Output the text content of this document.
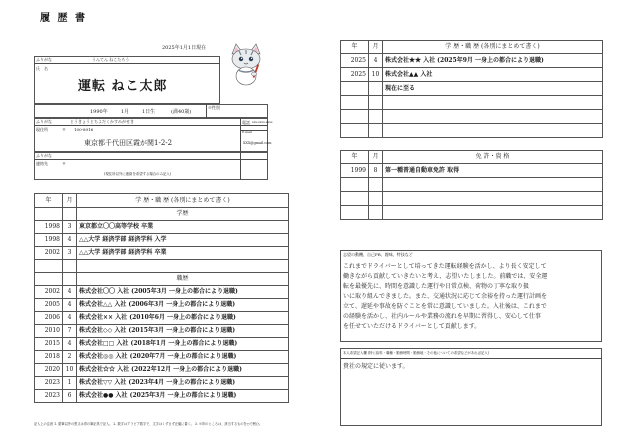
履 歴 書
2025年1月1日現在
ふりがな	うんてん ねこたろう
氏　名
運転 ねこ太郎
1990年	1月	1日生	(満40歳)
※性別
ふりがな	とうきょうとちよだくかすみがせき
現住所	〒 100-8916
東京都千代田区霞が関1-2-2
電話 xxx-xxxx-xxxx
E-mail
XXX@gmail.com
ふりがな
連絡先	〒
(現住所以外に連絡を希望する場合のみ記入)
年	月	学 歴・職 歴 (各別にまとめて書く)
		学歴
1998	3	東京都立〇〇高等学校 卒業
1998	4	△△大学 経済学部 経済学科 入学
2002	3	△△大学 経済学部 経済学科 卒業

		職歴
2002	4	株式会社〇〇 入社 (2005年3月 一身上の都合により退職)
2005	4	株式会社△△ 入社 (2006年3月 一身上の都合により退職)
2006	4	株式会社×× 入社 (2010年6月 一身上の都合により退職)
2010	7	株式会社◇◇ 入社 (2015年3月 一身上の都合により退職)
2015	4	株式会社□□ 入社 (2018年1月 一身上の都合により退職)
2018	2	株式会社◎◎ 入社 (2020年7月 一身上の都合により退職)
2020	10	株式会社☆☆ 入社 (2022年12月 一身上の都合により退職)
2023	1	株式会社▽▽ 入社 (2023年4月 一身上の都合により退職)
2023	6	株式会社●● 入社 (2025年3月 一身上の都合により退職)
記入上の注意 1. 鉛筆以外の黒又は青の筆記具で記入。 2. 数字はアラビア数字で、文字はくずさず正確に書く。 3. ※印のところは、該当するものを○で囲む。
年	月	学 歴・職 歴 (各別にまとめて書く)
2025	4	株式会社★★ 入社 (2025年9月 一身上の都合により退職)
2025	10	株式会社▲▲ 入社
		現在に至る

年	月	免 許・資 格
1999	8	第一種普通自動車免許 取得

志望の動機、自己PR、趣味、特技など
これまでドライバーとして培ってきた運転経験を活かし、より長く安定して
働きながら貢献していきたいと考え、志望いたしました。前職では、安全運
転を最優先に、時間を意識した運行や日常点検、荷物の丁寧な取り扱
いに取り組んできました。また、交通状況に応じて余裕を持った運行計画を
立て、遅延や事故を防ぐことを常に意識していました。入社後は、これまで
の経験を活かし、社内ルールや業務の流れを早期に習得し、安心して仕事
を任せていただけるドライバーとして貢献します。
本人希望記入欄 (特に給料・職種・勤務時間・勤務地・その他についての希望などがあれば記入)
貴社の規定に従います。
